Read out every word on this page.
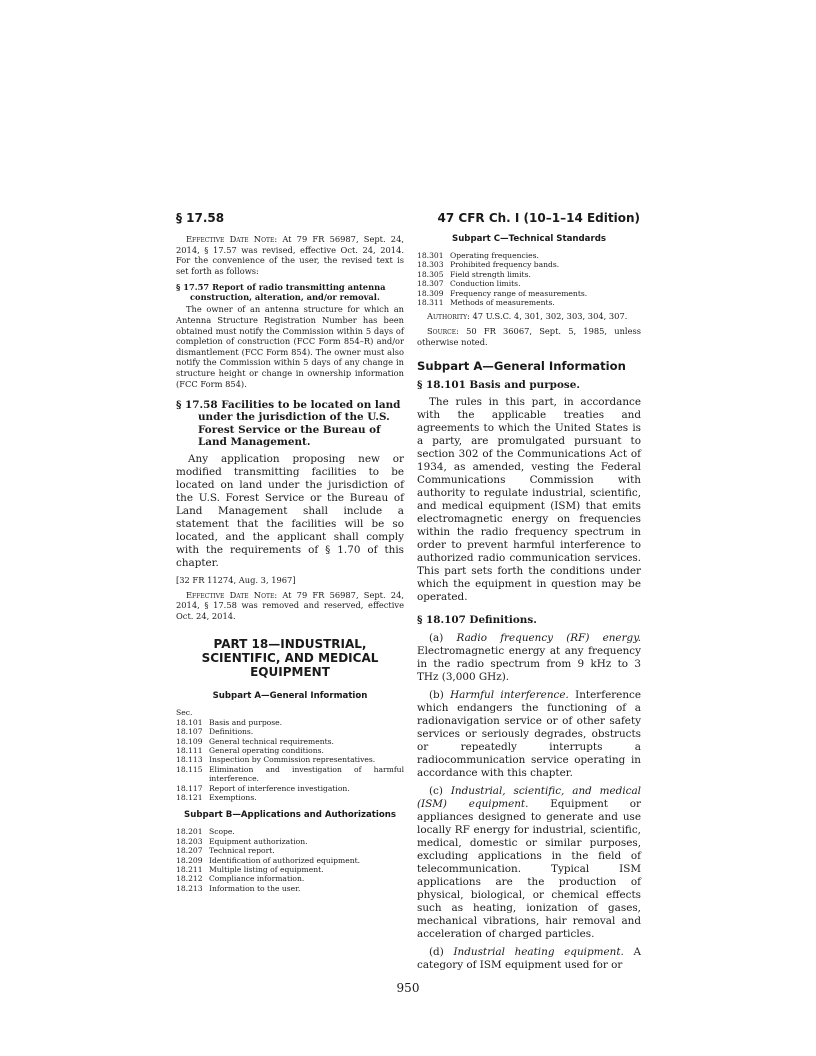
§ 17.58	47 CFR Ch. I (10–1–14 Edition)

Effective Date Note: At 79 FR 56987, Sept. 24, 2014, § 17.57 was revised, effective Oct. 24, 2014. For the convenience of the user, the revised text is set forth as follows:

§ 17.57 Report of radio transmitting antenna construction, alteration, and/or removal.

The owner of an antenna structure for which an Antenna Structure Registration Number has been obtained must notify the Commission within 5 days of completion of construction (FCC Form 854–R) and/or dismantlement (FCC Form 854). The owner must also notify the Commission within 5 days of any change in structure height or change in ownership information (FCC Form 854).

§ 17.58 Facilities to be located on land under the jurisdiction of the U.S. Forest Service or the Bureau of Land Management.

Any application proposing new or modified transmitting facilities to be located on land under the jurisdiction of the U.S. Forest Service or the Bureau of Land Management shall include a statement that the facilities will be so located, and the applicant shall comply with the requirements of § 1.70 of this chapter.

[32 FR 11274, Aug. 3, 1967]

Effective Date Note: At 79 FR 56987, Sept. 24, 2014, § 17.58 was removed and reserved, effective Oct. 24, 2014.

PART 18—INDUSTRIAL, SCIENTIFIC, AND MEDICAL EQUIPMENT
Subpart A—General Information
Sec.
18.101 Basis and purpose.
18.107 Definitions.
18.109 General technical requirements.
18.111 General operating conditions.
18.113 Inspection by Commission representatives.
18.115 Elimination and investigation of harmful interference.
18.117 Report of interference investigation.
18.121 Exemptions.
Subpart B—Applications and Authorizations
18.201 Scope.
18.203 Equipment authorization.
18.207 Technical report.
18.209 Identification of authorized equipment.
18.211 Multiple listing of equipment.
18.212 Compliance information.
18.213 Information to the user.
Subpart C—Technical Standards
18.301 Operating frequencies.
18.303 Prohibited frequency bands.
18.305 Field strength limits.
18.307 Conduction limits.
18.309 Frequency range of measurements.
18.311 Methods of measurements.

Authority: 47 U.S.C. 4, 301, 302, 303, 304, 307.

Source: 50 FR 36067, Sept. 5, 1985, unless otherwise noted.

Subpart A—General Information
§ 18.101 Basis and purpose.

The rules in this part, in accordance with the applicable treaties and agreements to which the United States is a party, are promulgated pursuant to section 302 of the Communications Act of 1934, as amended, vesting the Federal Communications Commission with authority to regulate industrial, scientific, and medical equipment (ISM) that emits electromagnetic energy on frequencies within the radio frequency spectrum in order to prevent harmful interference to authorized radio communication services. This part sets forth the conditions under which the equipment in question may be operated.

§ 18.107 Definitions.

(a) Radio frequency (RF) energy. Electromagnetic energy at any frequency in the radio spectrum from 9 kHz to 3 THz (3,000 GHz).

(b) Harmful interference. Interference which endangers the functioning of a radionavigation service or of other safety services or seriously degrades, obstructs or repeatedly interrupts a radiocommunication service operating in accordance with this chapter.

(c) Industrial, scientific, and medical (ISM) equipment. Equipment or appliances designed to generate and use locally RF energy for industrial, scientific, medical, domestic or similar purposes, excluding applications in the field of telecommunication. Typical ISM applications are the production of physical, biological, or chemical effects such as heating, ionization of gases, mechanical vibrations, hair removal and acceleration of charged particles.

(d) Industrial heating equipment. A category of ISM equipment used for or

950
